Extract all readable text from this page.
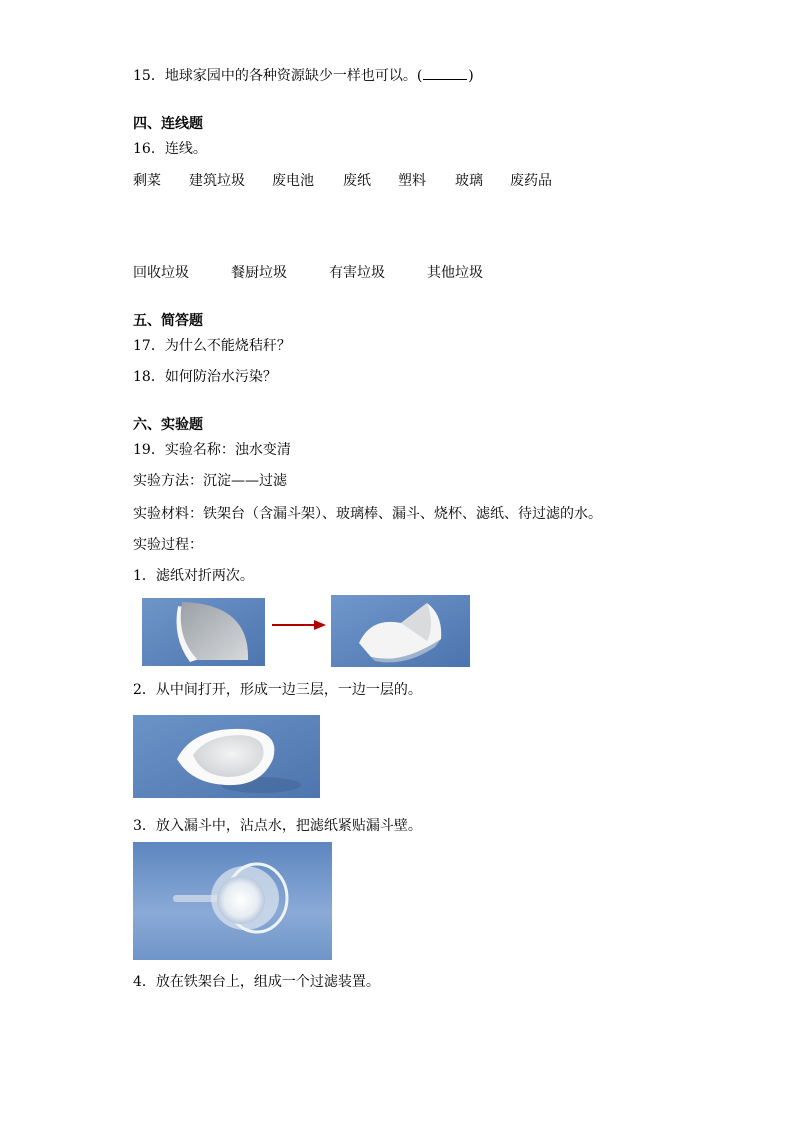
15．地球家园中的各种资源缺少一样也可以。(	)
四、连线题
16．连线。
剩菜 建筑垃圾 废电池 废纸 塑料 玻璃 废药品
回收垃圾	餐厨垃圾	有害垃圾	其他垃圾
五、简答题
17．为什么不能烧秸秆？
18．如何防治水污染？
六、实验题
19．实验名称：浊水变清
实验方法：沉淀——过滤
实验材料：铁架台（含漏斗架）、玻璃棒、漏斗、烧杯、滤纸、待过滤的水。
实验过程：
1．滤纸对折两次。
2．从中间打开，形成一边三层，一边一层的。
3．放入漏斗中，沾点水，把滤纸紧贴漏斗壁。
4．放在铁架台上，组成一个过滤装置。
